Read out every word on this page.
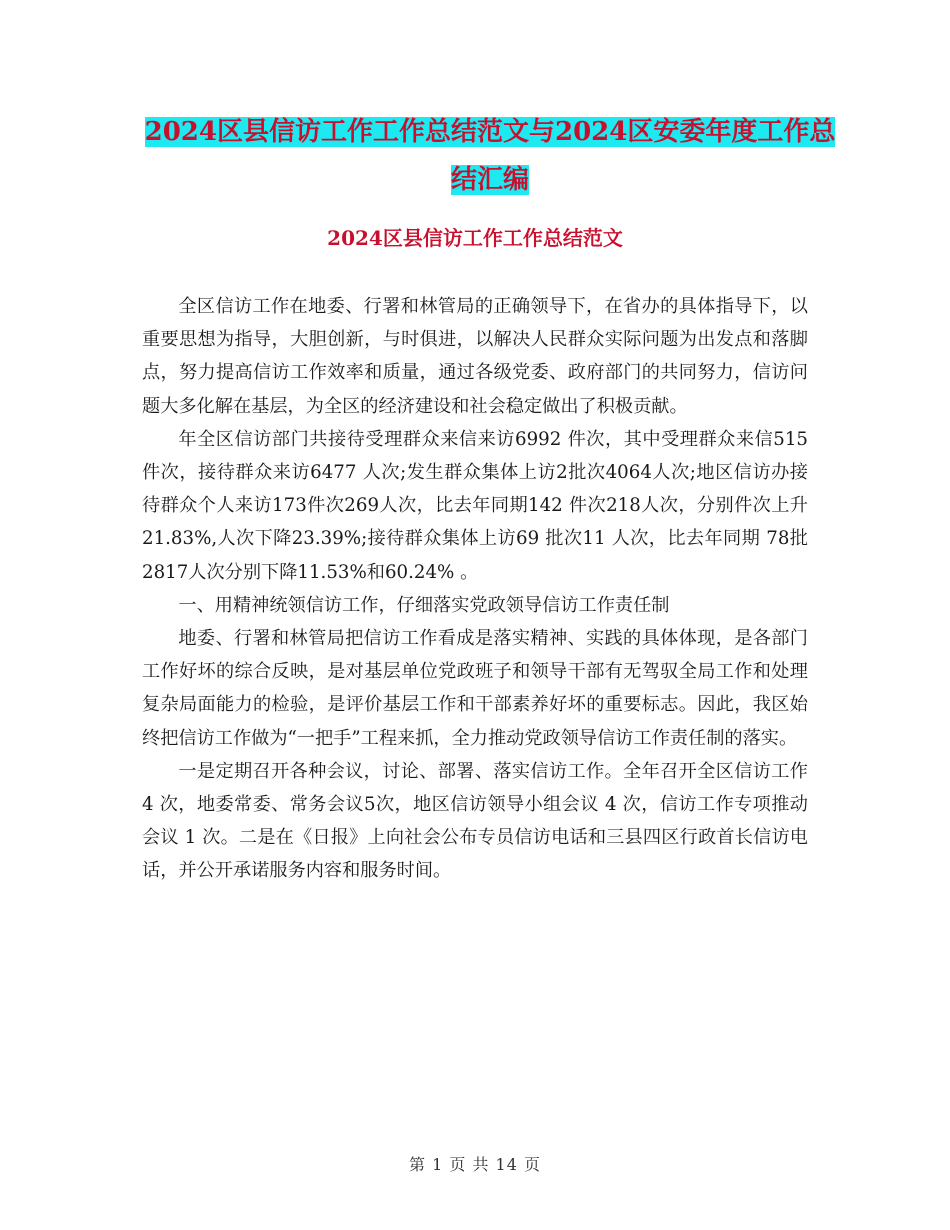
2024区县信访工作工作总结范文与2024区安委年度工作总结汇编
2024区县信访工作工作总结范文

全区信访工作在地委、行署和林管局的正确领导下，在省办的具体指导下，以重要思想为指导，大胆创新，与时俱进，以解决人民群众实际问题为出发点和落脚点，努力提高信访工作效率和质量，通过各级党委、政府部门的共同努力，信访问题大多化解在基层，为全区的经济建设和社会稳定做出了积极贡献。

年全区信访部门共接待受理群众来信来访6992 件次，其中受理群众来信515件次，接待群众来访6477 人次;发生群众集体上访2批次4064人次;地区信访办接待群众个人来访173件次269人次，比去年同期142 件次218人次，分别件次上升21.83%,人次下降23.39%;接待群众集体上访69 批次11 人次，比去年同期 78批2817人次分别下降11.53%和60.24% 。

一、用精神统领信访工作，仔细落实党政领导信访工作责任制

地委、行署和林管局把信访工作看成是落实精神、实践的具体体现，是各部门工作好坏的综合反映，是对基层单位党政班子和领导干部有无驾驭全局工作和处理复杂局面能力的检验，是评价基层工作和干部素养好坏的重要标志。因此，我区始终把信访工作做为“一把手”工程来抓，全力推动党政领导信访工作责任制的落实。

一是定期召开各种会议，讨论、部署、落实信访工作。全年召开全区信访工作4 次，地委常委、常务会议5次，地区信访领导小组会议 4 次，信访工作专项推动会议 1 次。二是在《日报》上向社会公布专员信访电话和三县四区行政首长信访电话，并公开承诺服务内容和服务时间。

第 1 页 共 14 页
